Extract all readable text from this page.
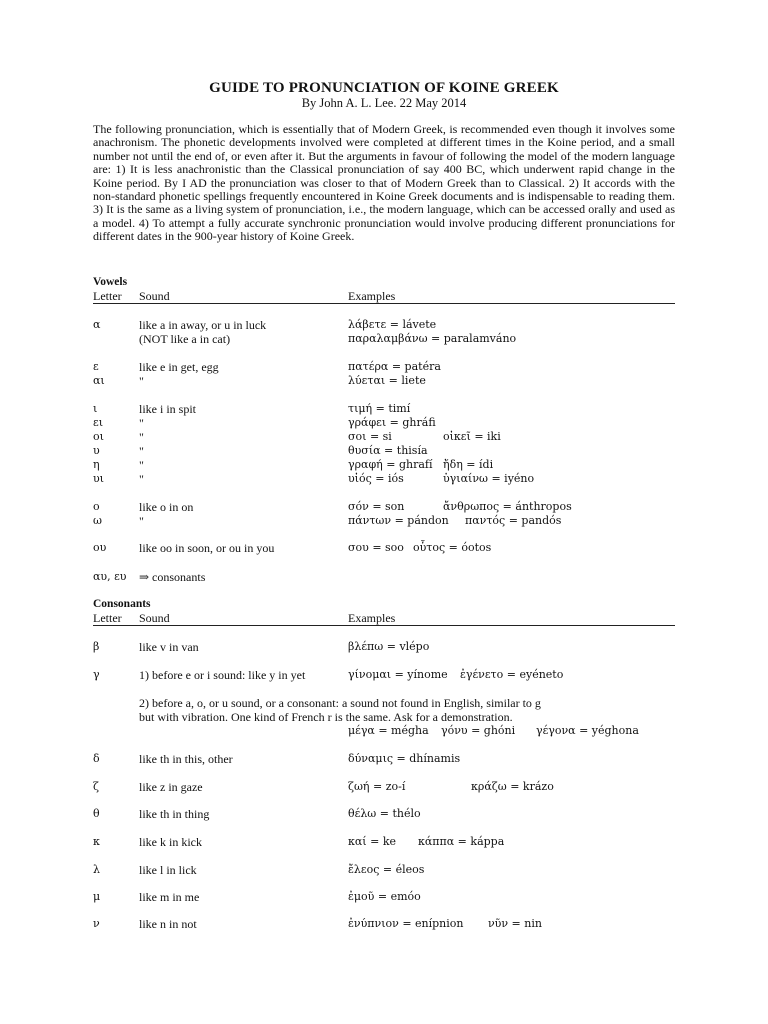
GUIDE TO PRONUNCIATION OF KOINE GREEK
By John A. L. Lee. 22 May 2014
The following pronunciation, which is essentially that of Modern Greek, is recommended even though it involves some anachronism. The phonetic developments involved were completed at different times in the Koine period, and a small number not until the end of, or even after it. But the arguments in favour of following the model of the modern language are: 1) It is less anachronistic than the Classical pronunciation of say 400 BC, which underwent rapid change in the Koine period. By I AD the pronunciation was closer to that of Modern Greek than to Classical. 2) It accords with the non-standard phonetic spellings frequently encountered in Koine Greek documents and is indispensable to reading them. 3) It is the same as a living system of pronunciation, i.e., the modern language, which can be accessed orally and used as a model. 4) To attempt a fully accurate synchronic pronunciation would involve producing different pronunciations for different dates in the 900-year history of Koine Greek.
Vowels
Letter Sound	Examples
α	like a in away, or u in luck	λάβετε = lávete
(NOT like a in cat)	παραλαμβάνω = paralamváno
ε	like e in get, egg	πατέρα = patéra
αι	"	λύεται = liete
ι	like i in spit	τιμή = timí
ει	"	γράφει = ghráfi
οι	"	σοι = si	οἰκεῖ = iki
υ	"	θυσία = thisía
η	"	γραφή = ghrafí ἤδη = ídi
υι	"	υἱός = iós	ὑγιαίνω = iyéno
ο	like o in on	σόν = son	ἄνθρωπος = ánthropos
ω	"	πάντων = pándon παντός = pandós
ου	like oo in soon, or ou in you	σου = soo οὗτος = óotos
αυ, ευ ⇒ consonants
Consonants
Letter Sound	Examples
β	like v in van	βλέπω = vlépo
γ	1) before e or i sound: like y in yet	γίνομαι = yínome ἐγένετο = eyéneto
2) before a, o, or u sound, or a consonant: a sound not found in English, similar to g
but with vibration. One kind of French r is the same. Ask for a demonstration.
μέγα = mégha γόνυ = ghóni γέγονα = yéghona
δ	like th in this, other	δύναμις = dhínamis
ζ	like z in gaze	ζωή = zo-í	κράζω = krázo
θ	like th in thing	θέλω = thélo
κ	like k in kick	καί = ke κάππα = káppa
λ	like l in lick	ἔλεος = éleos
μ	like m in me	ἐμοῦ = emóo
ν	like n in not	ἐνύπνιον = enípnion νῦν = nin
